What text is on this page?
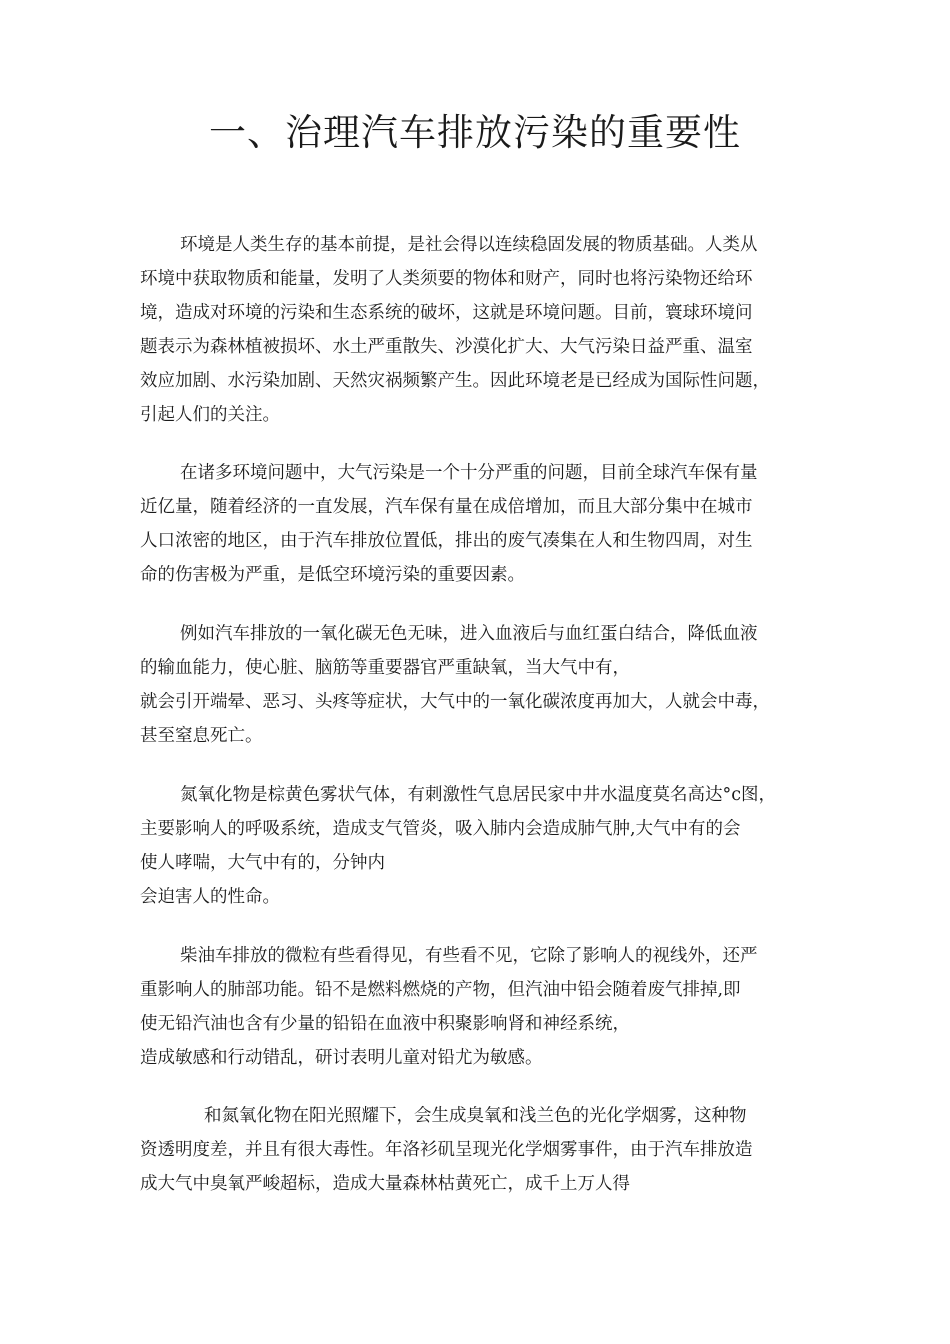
一、治理汽车排放污染的重要性
环境是人类生存的基本前提，是社会得以连续稳固发展的物质基础。人类从
环境中获取物质和能量，发明了人类须要的物体和财产，同时也将污染物还给环
境，造成对环境的污染和生态系统的破坏，这就是环境问题。目前，寰球环境问
题表示为森林植被损坏、水土严重散失、沙漠化扩大、大气污染日益严重、温室
效应加剧、水污染加剧、天然灾祸频繁产生。因此环境老是已经成为国际性问题，
引起人们的关注。
在诸多环境问题中，大气污染是一个十分严重的问题，目前全球汽车保有量
近亿量，随着经济的一直发展，汽车保有量在成倍增加，而且大部分集中在城市
人口浓密的地区，由于汽车排放位置低，排出的废气凑集在人和生物四周，对生
命的伤害极为严重，是低空环境污染的重要因素。
例如汽车排放的一氧化碳无色无味，进入血液后与血红蛋白结合，降低血液
的输血能力，使心脏、脑筋等重要器官严重缺氧，当大气中有，
就会引开端晕、恶习、头疼等症状，大气中的一氧化碳浓度再加大，人就会中毒，
甚至窒息死亡。
氮氧化物是棕黄色雾状气体，有刺激性气息居民家中井水温度莫名高达°c图，
主要影响人的呼吸系统，造成支气管炎，吸入肺内会造成肺气肿,大气中有的会
使人哮喘，大气中有的，分钟内
会迫害人的性命。
柴油车排放的微粒有些看得见，有些看不见，它除了影响人的视线外，还严
重影响人的肺部功能。铅不是燃料燃烧的产物，但汽油中铅会随着废气排掉,即
使无铅汽油也含有少量的铅铅在血液中积聚影响肾和神经系统，
造成敏感和行动错乱，研讨表明儿童对铅尤为敏感。
和氮氧化物在阳光照耀下，会生成臭氧和浅兰色的光化学烟雾，这种物
资透明度差，并且有很大毒性。年洛衫矶呈现光化学烟雾事件，由于汽车排放造
成大气中臭氧严峻超标，造成大量森林枯黄死亡，成千上万人得
